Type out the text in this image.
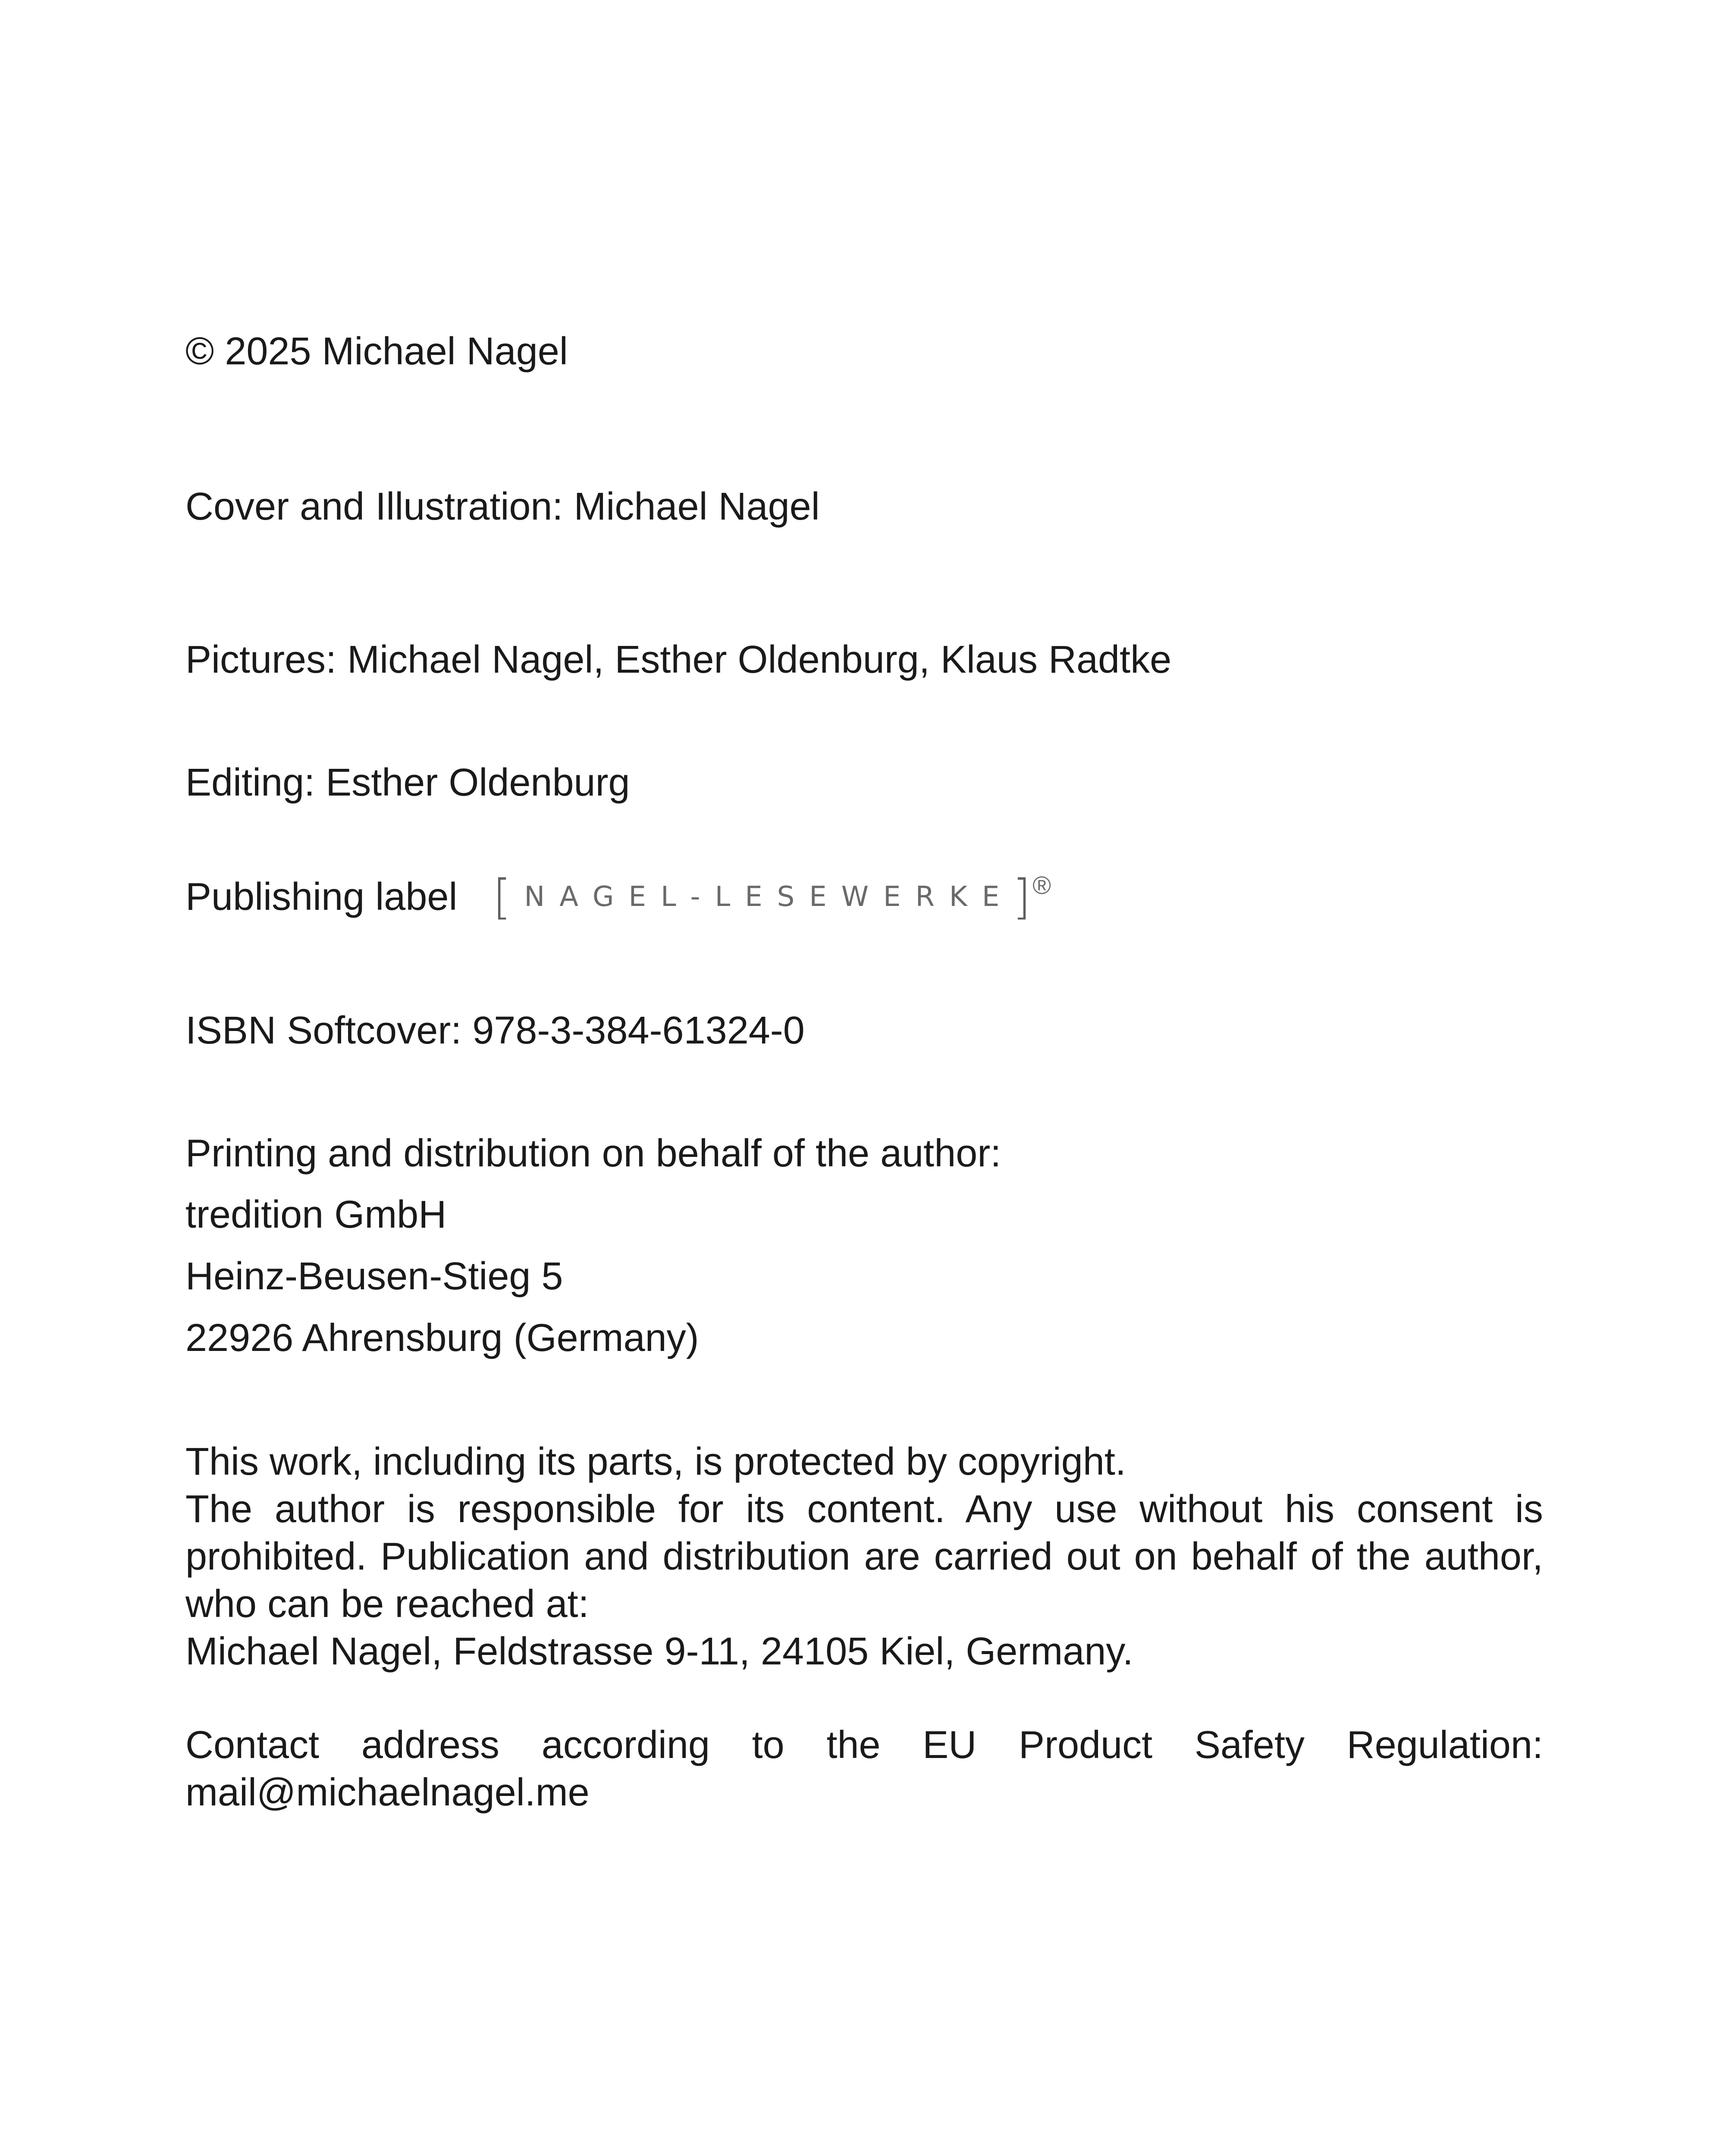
© 2025 Michael Nagel

Cover and Illustration: Michael Nagel

Pictures: Michael Nagel, Esther Oldenburg, Klaus Radtke

Editing: Esther Oldenburg

Publishing label [ NAGEL-LESEWERKE
] ®

ISBN Softcover: 978-3-384-61324-0

Printing and distribution on behalf of the author:

tredition GmbH

Heinz-Beusen-Stieg 5

22926 Ahrensburg (Germany)

This work, including its parts, is protected by copyright.

The author is responsible for its content. Any use without his consent is prohibited. Publication and distribution are carried out on behalf of the author, who can be reached at:

Michael Nagel, Feldstrasse 9-11, 24105 Kiel, Germany.

Contact address according to the EU Product Safety Regulation:

mail@michaelnagel.me
